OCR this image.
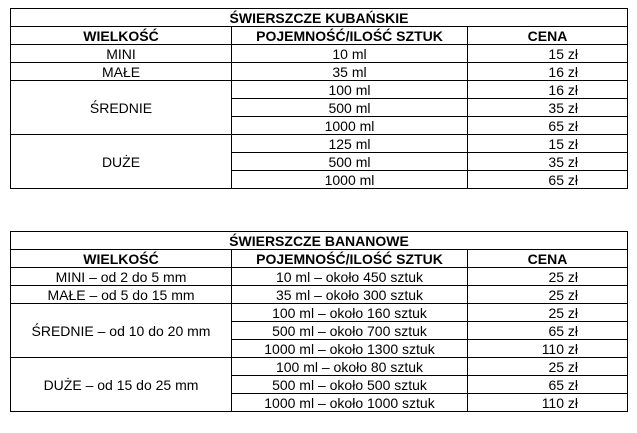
ŚWIERSZCZE KUBAŃSKIE		
WIELKOŚĆ	POJEMNOŚĆ/ILOŚĆ SZTUK	CENA
MINI	10 ml	15 zł
MAŁE	35 ml	16 zł
ŚREDNIE	100 ml	16 zł
	500 ml	35 zł
	1000 ml	65 zł
DUŻE	125 ml	15 zł
	500 ml	35 zł
	1000 ml	65 zł
ŚWIERSZCZE BANANOWE		
WIELKOŚĆ	POJEMNOŚĆ/ILOŚĆ SZTUK	CENA
MINI – od 2 do 5 mm	10 ml – około 450 sztuk	25 zł
MAŁE – od 5 do 15 mm	35 ml – około 300 sztuk	25 zł
ŚREDNIE – od 10 do 20 mm	100 ml – około 160 sztuk	25 zł
	500 ml – około 700 sztuk	65 zł
	1000 ml – około 1300 sztuk	110 zł
DUŻE – od 15 do 25 mm	100 ml – około 80 sztuk	25 zł
	500 ml – około 500 sztuk	65 zł
	1000 ml – około 1000 sztuk	110 zł
